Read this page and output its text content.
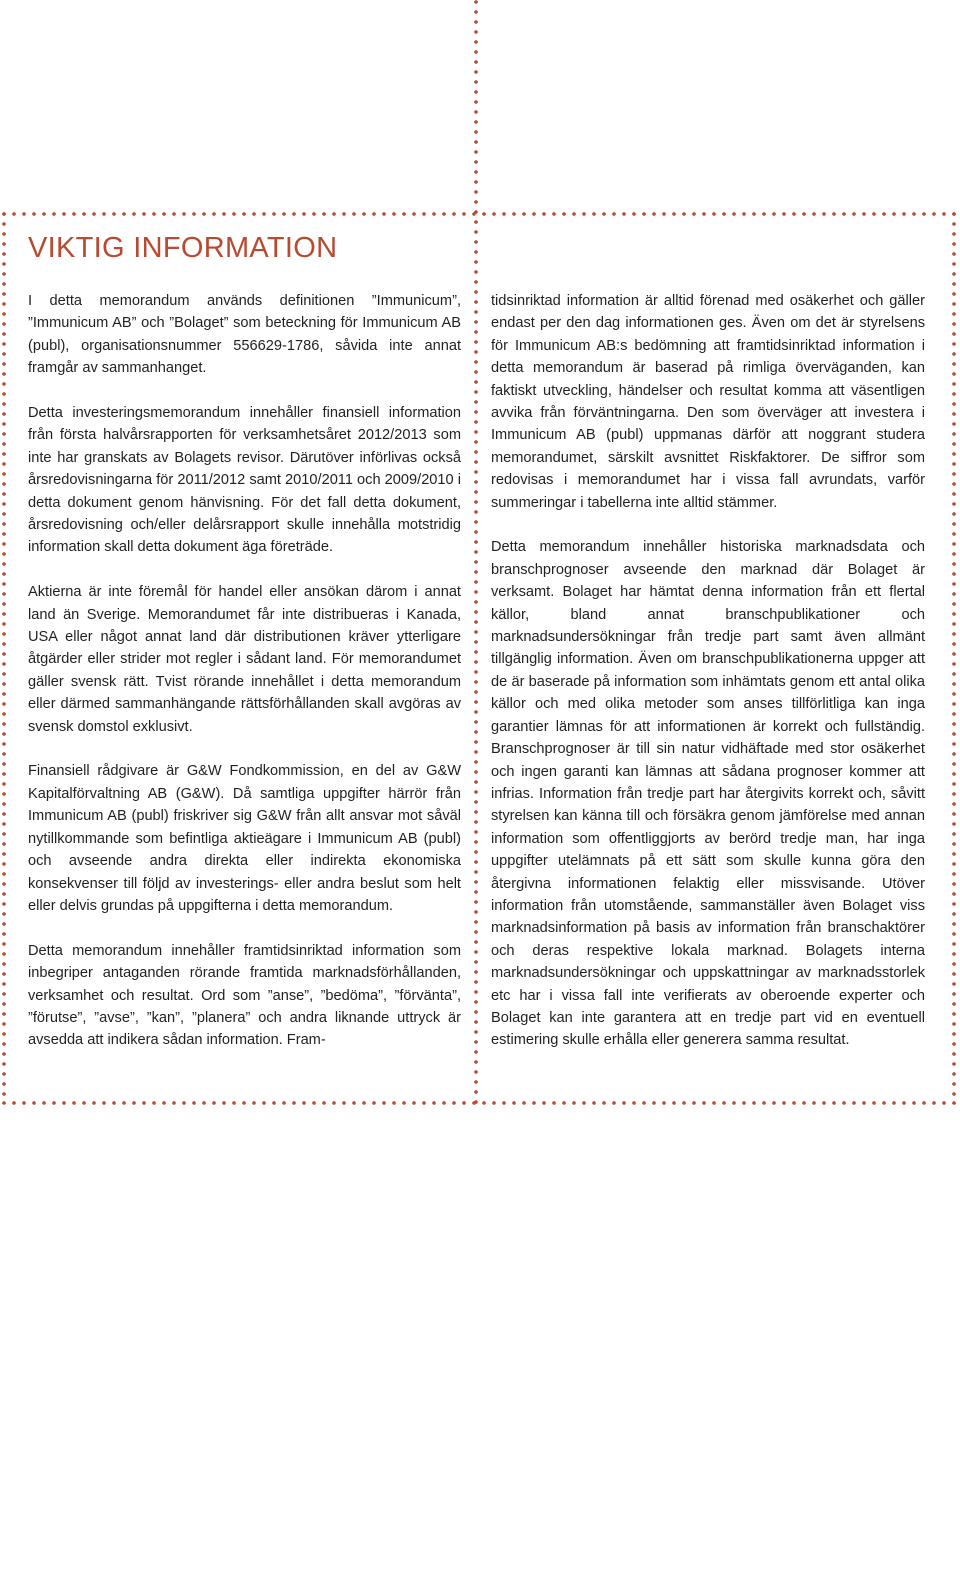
VIKTIG INFORMATION

I detta memorandum används definitionen ”Immunicum”, ”Immunicum AB” och ”Bolaget” som beteckning för Immunicum AB (publ), organisationsnummer 556629-1786, såvida inte annat framgår av sammanhanget.

Detta investeringsmemorandum innehåller finansiell information från första halvårsrapporten för verksamhetsåret 2012/2013 som inte har granskats av Bolagets revisor. Därutöver införlivas också årsredovisningarna för 2011/2012 samt 2010/2011 och 2009/2010 i detta dokument genom hänvisning. För det fall detta dokument, årsredovisning och/eller delårsrapport skulle innehålla motstridig information skall detta dokument äga företräde.

Aktierna är inte föremål för handel eller ansökan därom i annat land än Sverige. Memorandumet får inte distribueras i Kanada, USA eller något annat land där distributionen kräver ytterligare åtgärder eller strider mot regler i sådant land. För memorandumet gäller svensk rätt. Tvist rörande innehållet i detta memorandum eller därmed sammanhängande rättsförhållanden skall avgöras av svensk domstol exklusivt.

Finansiell rådgivare är G&W Fondkommission, en del av G&W Kapitalförvaltning AB (G&W). Då samtliga uppgifter härrör från Immunicum AB (publ) friskriver sig G&W från allt ansvar mot såväl nytillkommande som befintliga aktieägare i Immunicum AB (publ) och avseende andra direkta eller indirekta ekonomiska konsekvenser till följd av investerings- eller andra beslut som helt eller delvis grundas på uppgifterna i detta memorandum.

Detta memorandum innehåller framtidsinriktad information som inbegriper antaganden rörande framtida marknadsförhållanden, verksamhet och resultat. Ord som ”anse”, ”bedöma”, ”förvänta”, ”förutse”, ”avse”, ”kan”, ”planera” och andra liknande uttryck är avsedda att indikera sådan information. Fram-

tidsinriktad information är alltid förenad med osäkerhet och gäller endast per den dag informationen ges. Även om det är styrelsens för Immunicum AB:s bedömning att framtidsinriktad information i detta memorandum är baserad på rimliga överväganden, kan faktiskt utveckling, händelser och resultat komma att väsentligen avvika från förväntningarna. Den som överväger att investera i Immunicum AB (publ) uppmanas därför att noggrant studera memorandumet, särskilt avsnittet Riskfaktorer. De siffror som redovisas i memorandumet har i vissa fall avrundats, varför summeringar i tabellerna inte alltid stämmer.

Detta memorandum innehåller historiska marknadsdata och branschprognoser avseende den marknad där Bolaget är verksamt. Bolaget har hämtat denna information från ett flertal källor, bland annat branschpublikationer och marknadsundersökningar från tredje part samt även allmänt tillgänglig information. Även om branschpublikationerna uppger att de är baserade på information som inhämtats genom ett antal olika källor och med olika metoder som anses tillförlitliga kan inga garantier lämnas för att informationen är korrekt och fullständig. Branschprognoser är till sin natur vidhäftade med stor osäkerhet och ingen garanti kan lämnas att sådana prognoser kommer att infrias. Information från tredje part har återgivits korrekt och, såvitt styrelsen kan känna till och försäkra genom jämförelse med annan information som offentliggjorts av berörd tredje man, har inga uppgifter utelämnats på ett sätt som skulle kunna göra den återgivna informationen felaktig eller missvisande. Utöver information från utomstående, sammanställer även Bolaget viss marknadsinformation på basis av information från branschaktörer och deras respektive lokala marknad. Bolagets interna marknadsundersökningar och uppskattningar av marknadsstorlek etc har i vissa fall inte verifierats av oberoende experter och Bolaget kan inte garantera att en tredje part vid en eventuell estimering skulle erhålla eller generera samma resultat.
